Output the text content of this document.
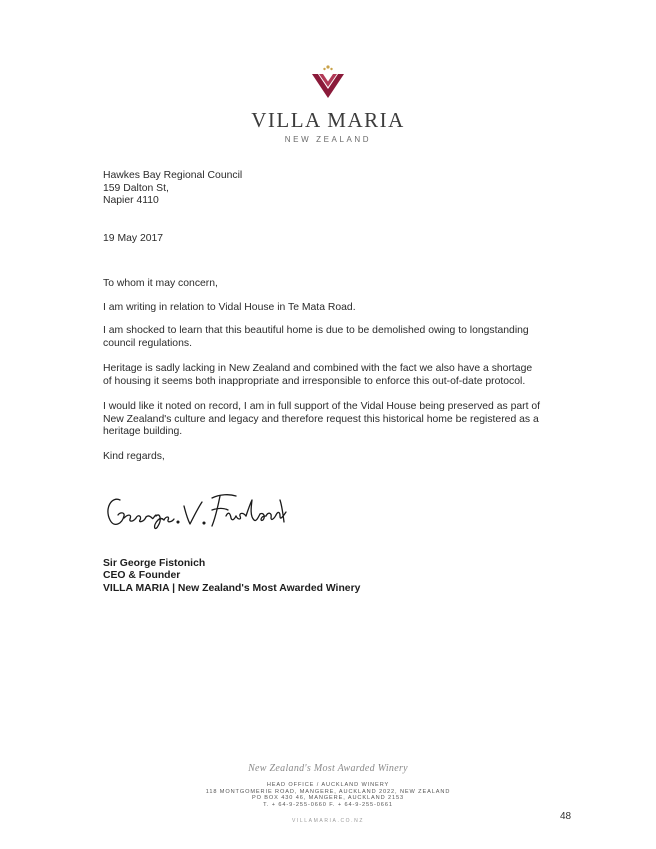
VILLA MARIA
NEW ZEALAND
Hawkes Bay Regional Council
159 Dalton St,
Napier 4110
19 May 2017
To whom it may concern,

I am writing in relation to Vidal House in Te Mata Road.

I am shocked to learn that this beautiful home is due to be demolished owing to longstanding council regulations.

Heritage is sadly lacking in New Zealand and combined with the fact we also have a shortage of housing it seems both inappropriate and irresponsible to enforce this out-of-date protocol.

I would like it noted on record, I am in full support of the Vidal House being preserved as part of New Zealand's culture and legacy and therefore request this historical home be registered as a heritage building.

Kind regards,
Sir George Fistonich
CEO & Founder
VILLA MARIA | New Zealand's Most Awarded Winery
New Zealand's Most Awarded Winery
HEAD OFFICE / AUCKLAND WINERY
118 MONTGOMERIE ROAD, MANGERE, AUCKLAND 2022, NEW ZEALAND
PO BOX 430 46, MANGERE, AUCKLAND 2153
T. + 64-9-255-0660 F. + 64-9-255-0661
VILLAMARIA.CO.NZ	48
